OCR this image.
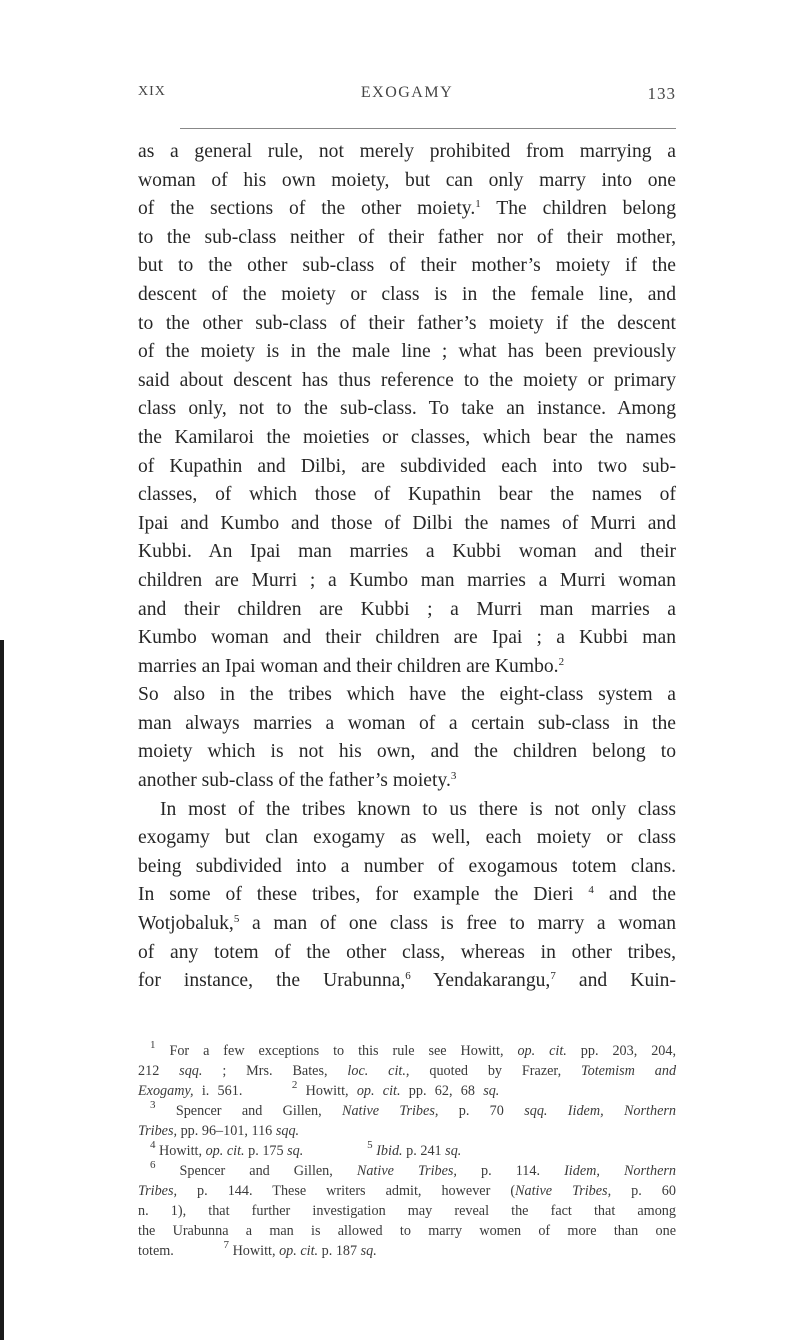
XIX	EXOGAMY	133

as a general rule, not merely prohibited from marrying a
woman of his own moiety, but can only marry into one
of the sections of the other moiety.$^1$ The children belong
to the sub-class neither of their father nor of their mother,
but to the other sub-class of their mother’s moiety if the
descent of the moiety or class is in the female line, and
to the other sub-class of their father’s moiety if the descent
of the moiety is in the male line ; what has been previously
said about descent has thus reference to the moiety or primary
class only, not to the sub-class. To take an instance. Among
the Kamilaroi the moieties or classes, which bear the names
of Kupathin and Dilbi, are subdivided each into two sub-
classes, of which those of Kupathin bear the names of
Ipai and Kumbo and those of Dilbi the names of Murri and
Kubbi. An Ipai man marries a Kubbi woman and their
children are Murri ; a Kumbo man marries a Murri woman
and their children are Kubbi ; a Murri man marries a
Kumbo woman and their children are Ipai ; a Kubbi man
marries an Ipai woman and their children are Kumbo.$^2$
So also in the tribes which have the eight-class system a
man always marries a woman of a certain sub-class in the
moiety which is not his own, and the children belong to
another sub-class of the father’s moiety.$^3$

In most of the tribes known to us there is not only class
exogamy but clan exogamy as well, each moiety or class
being subdivided into a number of exogamous totem clans.
In some of these tribes, for example the Dieri $^4$ and the
Wotjobaluk,$^5$ a man of one class is free to marry a woman
of any totem of the other class, whereas in other tribes,
for instance, the Urabunna,$^6$ Yendakarangu,$^7$ and Kuin-

$^1$ For a few exceptions to this rule see Howitt, op. cit. pp. 203, 204,
212 sqq. ; Mrs. Bates, loc. cit., quoted by Frazer, Totemism and
Exogamy, i. 561.	$^2$ Howitt, op. cit. pp. 62, 68 sq.
$^3$ Spencer and Gillen, Native Tribes, p. 70 sqq. Iidem, Northern
Tribes, pp. 96–101, 116 sqq.
$^4$ Howitt, op. cit. p. 175 sq.	$^5$ Ibid. p. 241 sq.
$^6$ Spencer and Gillen, Native Tribes, p. 114. Iidem, Northern
Tribes, p. 144. These writers admit, however (Native Tribes, p. 60
n. 1), that further investigation may reveal the fact that among
the Urabunna a man is allowed to marry women of more than one
totem.	$^7$ Howitt, op. cit. p. 187 sq.
